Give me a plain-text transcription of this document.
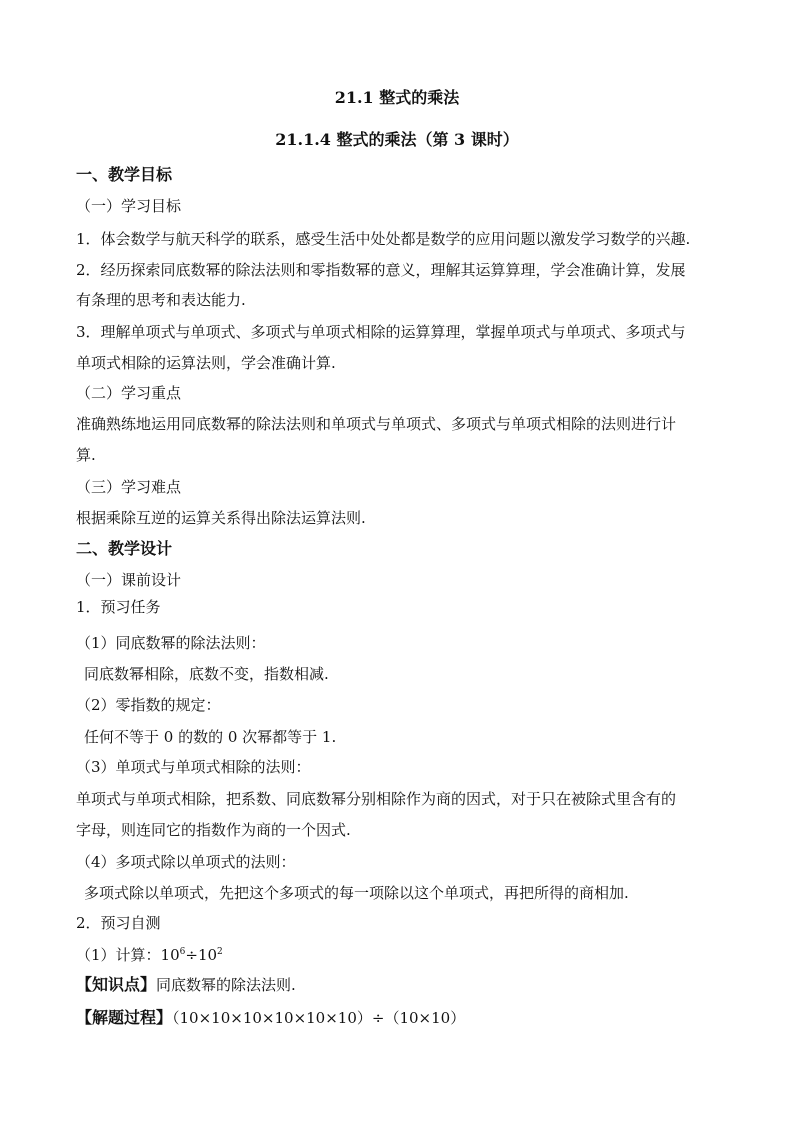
21.1 整式的乘法
21.1.4 整式的乘法（第 3 课时）
一、教学目标
（一）学习目标
1．体会数学与航天科学的联系，感受生活中处处都是数学的应用问题以激发学习数学的兴趣.
2．经历探索同底数幂的除法法则和零指数幂的意义，理解其运算算理，学会准确计算，发展
有条理的思考和表达能力.
3．理解单项式与单项式、多项式与单项式相除的运算算理，掌握单项式与单项式、多项式与
单项式相除的运算法则，学会准确计算.
（二）学习重点
准确熟练地运用同底数幂的除法法则和单项式与单项式、多项式与单项式相除的法则进行计
算.
（三）学习难点
根据乘除互逆的运算关系得出除法运算法则.
二、教学设计
（一）课前设计
1．预习任务
（1）同底数幂的除法法则：
同底数幂相除，底数不变，指数相减.
（2）零指数的规定：
任何不等于 0 的数的 0 次幂都等于 1.
（3）单项式与单项式相除的法则：
单项式与单项式相除，把系数、同底数幂分别相除作为商的因式，对于只在被除式里含有的
字母，则连同它的指数作为商的一个因式.
（4）多项式除以单项式的法则：
多项式除以单项式，先把这个多项式的每一项除以这个单项式，再把所得的商相加.
2．预习自测
（1）计算：$10^6\div 10^2$
【知识点】同底数幂的除法法则.
【解题过程】（10×10×10×10×10×10）÷（10×10）
